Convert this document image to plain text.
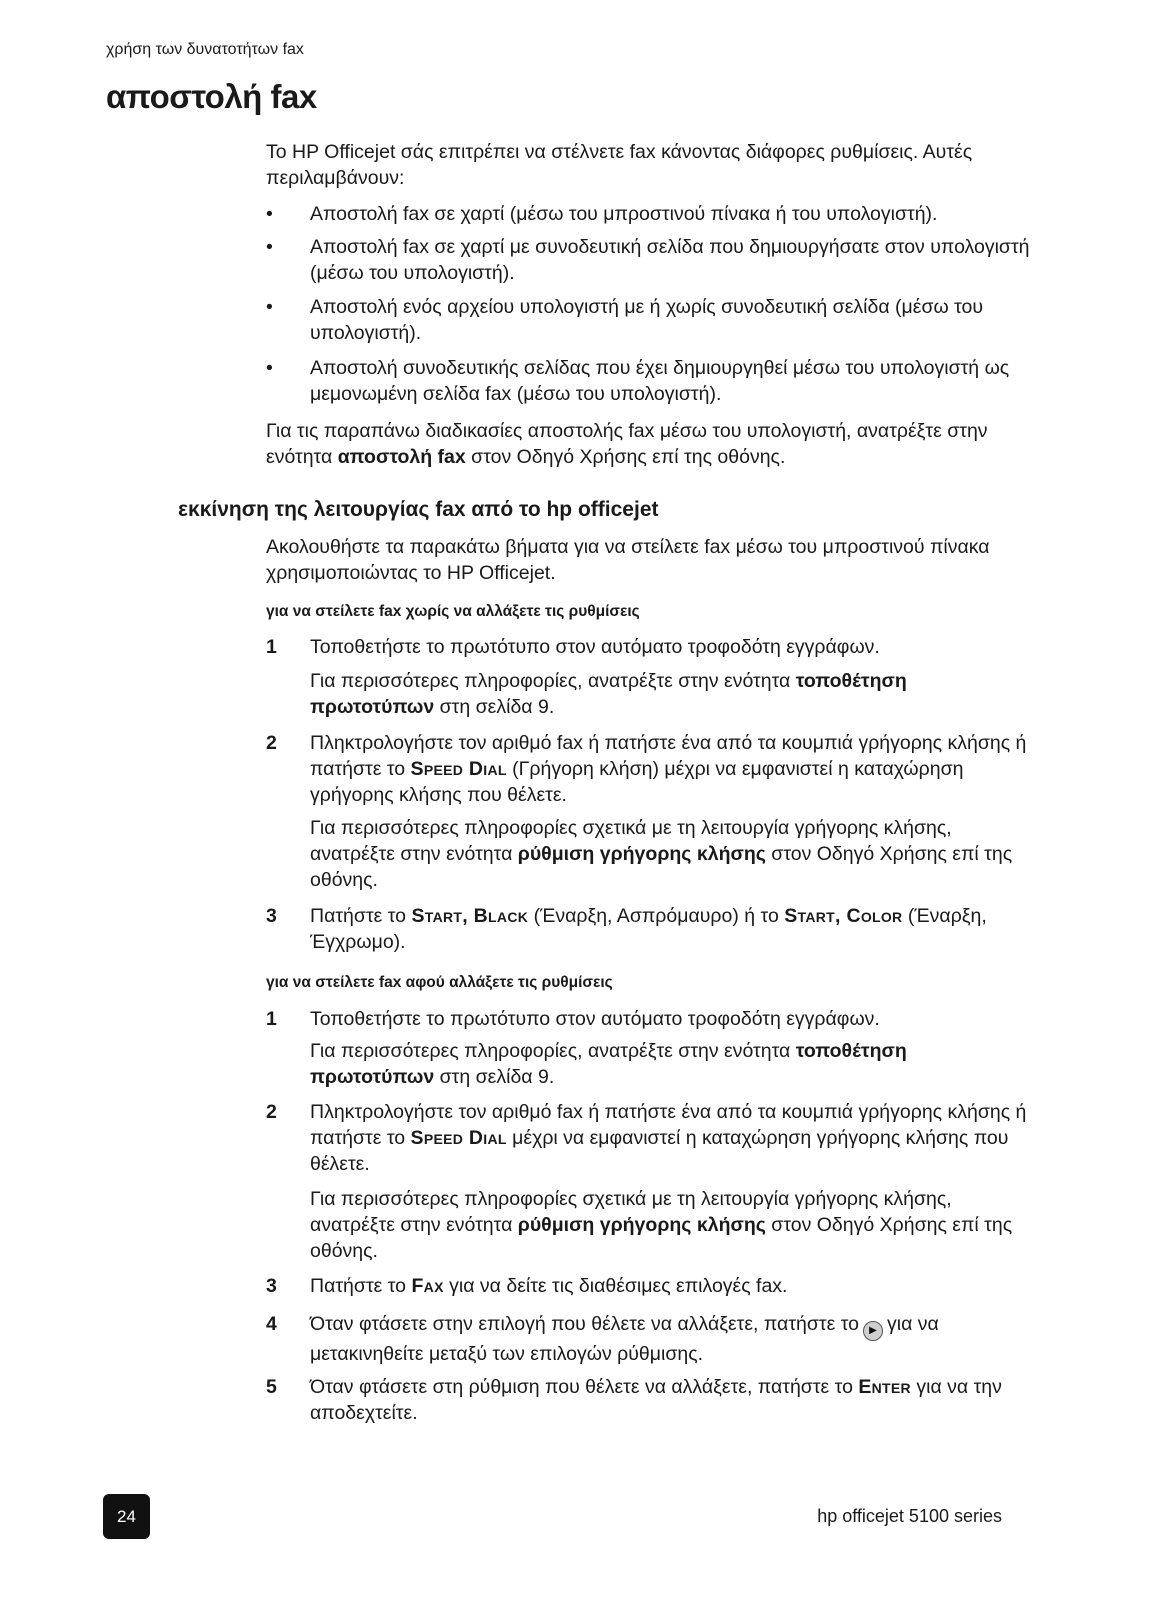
χρήση των δυνατοτήτων fax
αποστολή fax

Το HP Officejet σάς επιτρέπει να στέλνετε fax κάνοντας διάφορες ρυθμίσεις. Αυτές περιλαμβάνουν:

• Αποστολή fax σε χαρτί (μέσω του μπροστινού πίνακα ή του υπολογιστή).
• Αποστολή fax σε χαρτί με συνοδευτική σελίδα που δημιουργήσατε στον υπολογιστή (μέσω του υπολογιστή).
• Αποστολή ενός αρχείου υπολογιστή με ή χωρίς συνοδευτική σελίδα (μέσω του υπολογιστή).
• Αποστολή συνοδευτικής σελίδας που έχει δημιουργηθεί μέσω του υπολογιστή ως μεμονωμένη σελίδα fax (μέσω του υπολογιστή).

Για τις παραπάνω διαδικασίες αποστολής fax μέσω του υπολογιστή, ανατρέξτε στην ενότητα αποστολή fax στον Οδηγό Χρήσης επί της οθόνης.

εκκίνηση της λειτουργίας fax από το hp officejet

Ακολουθήστε τα παρακάτω βήματα για να στείλετε fax μέσω του μπροστινού πίνακα χρησιμοποιώντας το HP Officejet.

για να στείλετε fax χωρίς να αλλάξετε τις ρυθμίσεις
1 Τοποθετήστε το πρωτότυπο στον αυτόματο τροφοδότη εγγράφων.

Για περισσότερες πληροφορίες, ανατρέξτε στην ενότητα τοποθέτηση πρωτοτύπων στη σελίδα 9.

2 Πληκτρολογήστε τον αριθμό fax ή πατήστε ένα από τα κουμπιά γρήγορης κλήσης ή πατήστε το Speed Dial (Γρήγορη κλήση) μέχρι να εμφανιστεί η καταχώρηση γρήγορης κλήσης που θέλετε.

Για περισσότερες πληροφορίες σχετικά με τη λειτουργία γρήγορης κλήσης, ανατρέξτε στην ενότητα ρύθμιση γρήγορης κλήσης στον Οδηγό Χρήσης επί της οθόνης.

3 Πατήστε το Start, Black (Έναρξη, Ασπρόμαυρο) ή το Start, Color (Έναρξη, Έγχρωμο).
για να στείλετε fax αφού αλλάξετε τις ρυθμίσεις
1 Τοποθετήστε το πρωτότυπο στον αυτόματο τροφοδότη εγγράφων.

Για περισσότερες πληροφορίες, ανατρέξτε στην ενότητα τοποθέτηση πρωτοτύπων στη σελίδα 9.

2 Πληκτρολογήστε τον αριθμό fax ή πατήστε ένα από τα κουμπιά γρήγορης κλήσης ή πατήστε το Speed Dial μέχρι να εμφανιστεί η καταχώρηση γρήγορης κλήσης που θέλετε.

Για περισσότερες πληροφορίες σχετικά με τη λειτουργία γρήγορης κλήσης, ανατρέξτε στην ενότητα ρύθμιση γρήγορης κλήσης στον Οδηγό Χρήσης επί της οθόνης.

3 Πατήστε το Fax για να δείτε τις διαθέσιμες επιλογές fax.
4 Όταν φτάσετε στην επιλογή που θέλετε να αλλάξετε, πατήστε το ▶ για να μετακινηθείτε μεταξύ των επιλογών ρύθμισης.
5 Όταν φτάσετε στη ρύθμιση που θέλετε να αλλάξετε, πατήστε το Enter για να την αποδεχτείτε.
24	hp officejet 5100 series
